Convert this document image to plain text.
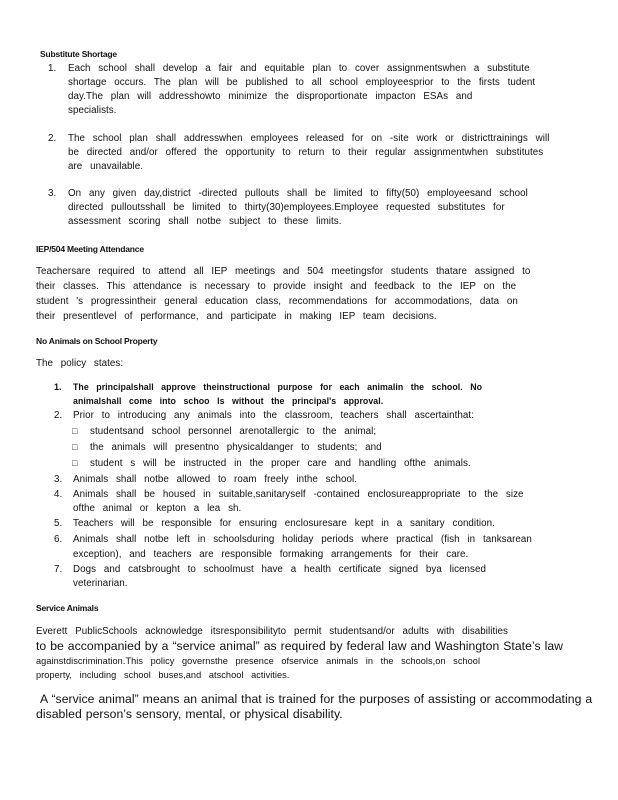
Substitute Shortage
1. Each school shall develop a fair and equitable plan to cover assignmentswhen a substitute
shortage occurs. The plan will be published to all school employeesprior to the firsts tudent
day.The plan will addresshowto minimize the disproportionate impacton ESAs and
specialists.
2. The school plan shall addresswhen employees released for on -site work or districttrainings will
be directed and/or offered the opportunity to return to their regular assignmentwhen substitutes
are unavailable.
3. On any given day,district -directed pullouts shall be limited to fifty(50) employeesand school
directed pulloutsshall be limited to thirty(30)employees.Employee requested substitutes for
assessment scoring shall notbe subject to these limits.
IEP/504 Meeting Attendance
Teachersare required to attend all IEP meetings and 504 meetingsfor students thatare assigned to
their classes. This attendance is necessary to provide insight and feedback to the IEP on the
student 's progressintheir general education class, recommendations for accommodations, data on
their presentlevel of performance, and participate in making IEP team decisions.
No Animals on School Property
The policy states:
1. The principalshall approve theinstructional purpose for each animalin the school. No
animalshall come into schoo ls without the principal's approval.
2. Prior to introducing any animals into the classroom, teachers shall ascertainthat:
□ studentsand school personnel arenotallergic to the animal;
□ the animals will presentno physicaldanger to students; and
□ student s will be instructed in the proper care and handling ofthe animals.
3. Animals shall notbe allowed to roam freely inthe school.
4. Animals shall be housed in suitable,sanitaryself -contained enclosureappropriate to the size
ofthe animal or kepton a lea sh.
5. Teachers will be responsible for ensuring enclosuresare kept in a sanitary condition.
6. Animals shall notbe left in schoolsduring holiday periods where practical (fish in tanksarean
exception), and teachers are responsible formaking arrangements for their care.
7. Dogs and catsbrought to schoolmust have a health certificate signed bya licensed
veterinarian.
Service Animals
Everett PublicSchools acknowledge itsresponsibilityto permit studentsand/or adults with disabilities
to be accompanied by a “service animal” as required by federal law and Washington State’s law
againstdiscrimination.This policy governsthe presence ofservice animals in the schools,on school
property, including school buses,and atschool activities.
A “service animal” means an animal that is trained for the purposes of assisting or accommodating a
disabled person’s sensory, mental, or physical disability.
